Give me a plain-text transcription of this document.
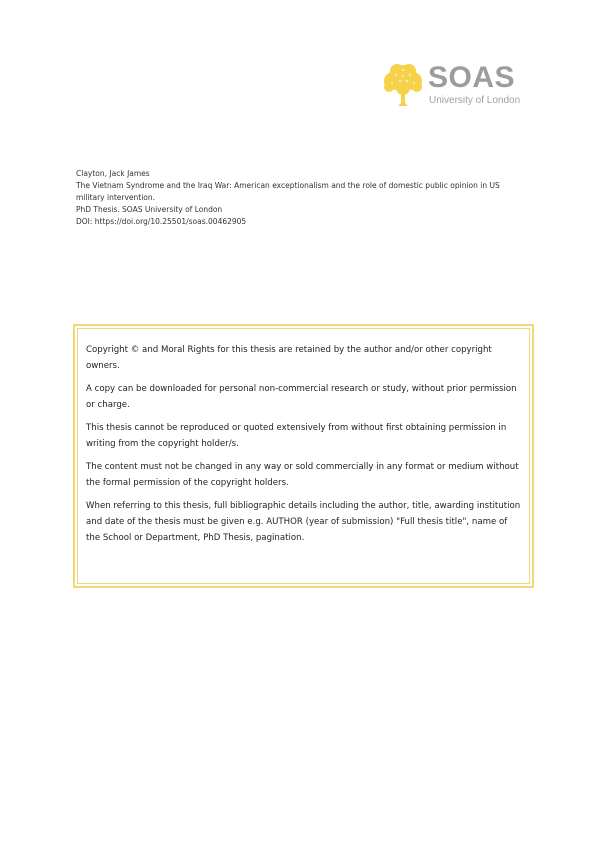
SOAS
University of London
Clayton, Jack James
The Vietnam Syndrome and the Iraq War: American exceptionalism and the role of domestic public opinion in US military intervention.
PhD Thesis. SOAS University of London
DOI: https://doi.org/10.25501/soas.00462905

Copyright © and Moral Rights for this thesis are retained by the author and/or other copyright owners.

A copy can be downloaded for personal non-commercial research or study, without prior permission or charge.

This thesis cannot be reproduced or quoted extensively from without first obtaining permission in writing from the copyright holder/s.

The content must not be changed in any way or sold commercially in any format or medium without the formal permission of the copyright holders.

When referring to this thesis, full bibliographic details including the author, title, awarding institution and date of the thesis must be given e.g. AUTHOR (year of submission) "Full thesis title", name of the School or Department, PhD Thesis, pagination.
